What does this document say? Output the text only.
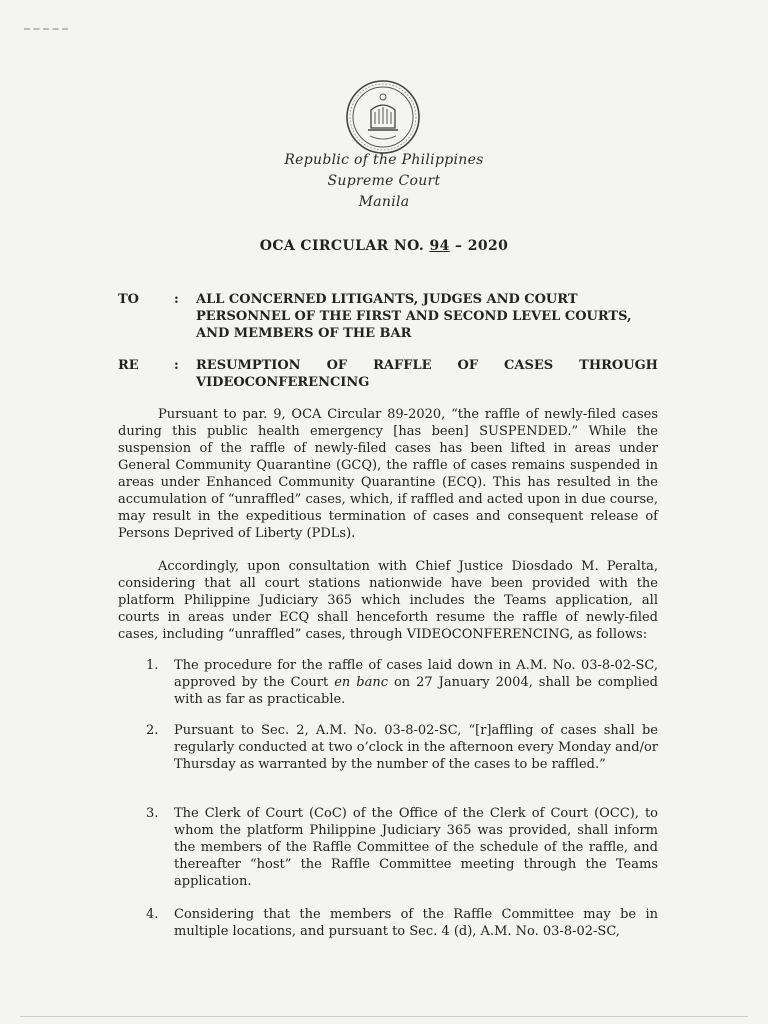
Republic of the Philippines
Supreme Court
Manila
OCA CIRCULAR NO. 94 – 2020
TO	: ALL CONCERNED LITIGANTS, JUDGES AND COURT PERSONNEL OF THE FIRST AND SECOND LEVEL COURTS, AND MEMBERS OF THE BAR
RE	: RESUMPTION OF RAFFLE OF CASES THROUGH
VIDEOCONFERENCING
Pursuant to par. 9, OCA Circular 89-2020, “the raffle of newly-filed cases during this public health emergency [has been] SUSPENDED.” While the suspension of the raffle of newly-filed cases has been lifted in areas under General Community Quarantine (GCQ), the raffle of cases remains suspended in areas under Enhanced Community Quarantine (ECQ). This has resulted in the accumulation of “unraffled” cases, which, if raffled and acted upon in due course, may result in the expeditious termination of cases and consequent release of Persons Deprived of Liberty (PDLs).
Accordingly, upon consultation with Chief Justice Diosdado M. Peralta, considering that all court stations nationwide have been provided with the platform Philippine Judiciary 365 which includes the Teams application, all courts in areas under ECQ shall henceforth resume the raffle of newly-filed cases, including “unraffled” cases, through VIDEOCONFERENCING, as follows:
1. The procedure for the raffle of cases laid down in A.M. No. 03-8-02-SC, approved by the Court en banc on 27 January 2004, shall be complied with as far as practicable.
2. Pursuant to Sec. 2, A.M. No. 03-8-02-SC, “[r]affling of cases shall be regularly conducted at two o’clock in the afternoon every Monday and/or Thursday as warranted by the number of the cases to be raffled.”
3. The Clerk of Court (CoC) of the Office of the Clerk of Court (OCC), to whom the platform Philippine Judiciary 365 was provided, shall inform the members of the Raffle Committee of the schedule of the raffle, and thereafter “host” the Raffle Committee meeting through the Teams application.
4. Considering that the members of the Raffle Committee may be in multiple locations, and pursuant to Sec. 4 (d), A.M. No. 03-8-02-SC,
